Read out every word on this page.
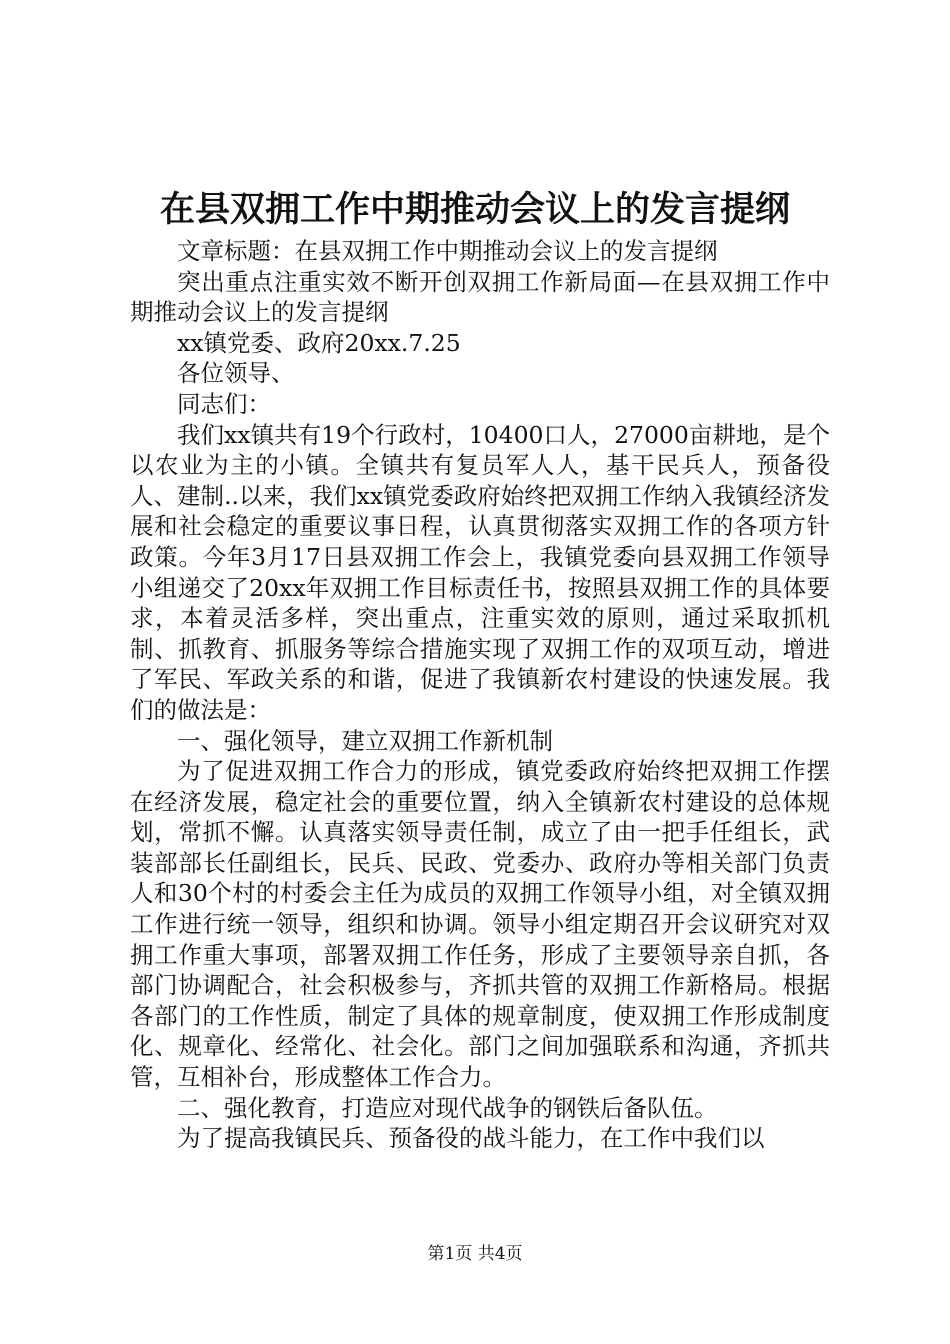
在县双拥工作中期推动会议上的发言提纲

文章标题：在县双拥工作中期推动会议上的发言提纲

突出重点注重实效不断开创双拥工作新局面—在县双拥工作中期推动会议上的发言提纲

xx镇党委、政府20xx.7.25

各位领导、

同志们：

我们xx镇共有19个行政村，10400口人，27000亩耕地，是个以农业为主的小镇。全镇共有复员军人人，基干民兵人，预备役人、建制..以来，我们xx镇党委政府始终把双拥工作纳入我镇经济发展和社会稳定的重要议事日程，认真贯彻落实双拥工作的各项方针政策。今年3月17日县双拥工作会上，我镇党委向县双拥工作领导小组递交了20xx年双拥工作目标责任书，按照县双拥工作的具体要求，本着灵活多样，突出重点，注重实效的原则，通过采取抓机制、抓教育、抓服务等综合措施实现了双拥工作的双项互动，增进了军民、军政关系的和谐，促进了我镇新农村建设的快速发展。我们的做法是：

一、强化领导，建立双拥工作新机制

为了促进双拥工作合力的形成，镇党委政府始终把双拥工作摆在经济发展，稳定社会的重要位置，纳入全镇新农村建设的总体规划，常抓不懈。认真落实领导责任制，成立了由一把手任组长，武装部部长任副组长，民兵、民政、党委办、政府办等相关部门负责人和30个村的村委会主任为成员的双拥工作领导小组，对全镇双拥工作进行统一领导，组织和协调。领导小组定期召开会议研究对双拥工作重大事项，部署双拥工作任务，形成了主要领导亲自抓，各部门协调配合，社会积极参与，齐抓共管的双拥工作新格局。根据各部门的工作性质，制定了具体的规章制度，使双拥工作形成制度化、规章化、经常化、社会化。部门之间加强联系和沟通，齐抓共管，互相补台，形成整体工作合力。

二、强化教育，打造应对现代战争的钢铁后备队伍。

为了提高我镇民兵、预备役的战斗能力，在工作中我们以

第1页 共4页
